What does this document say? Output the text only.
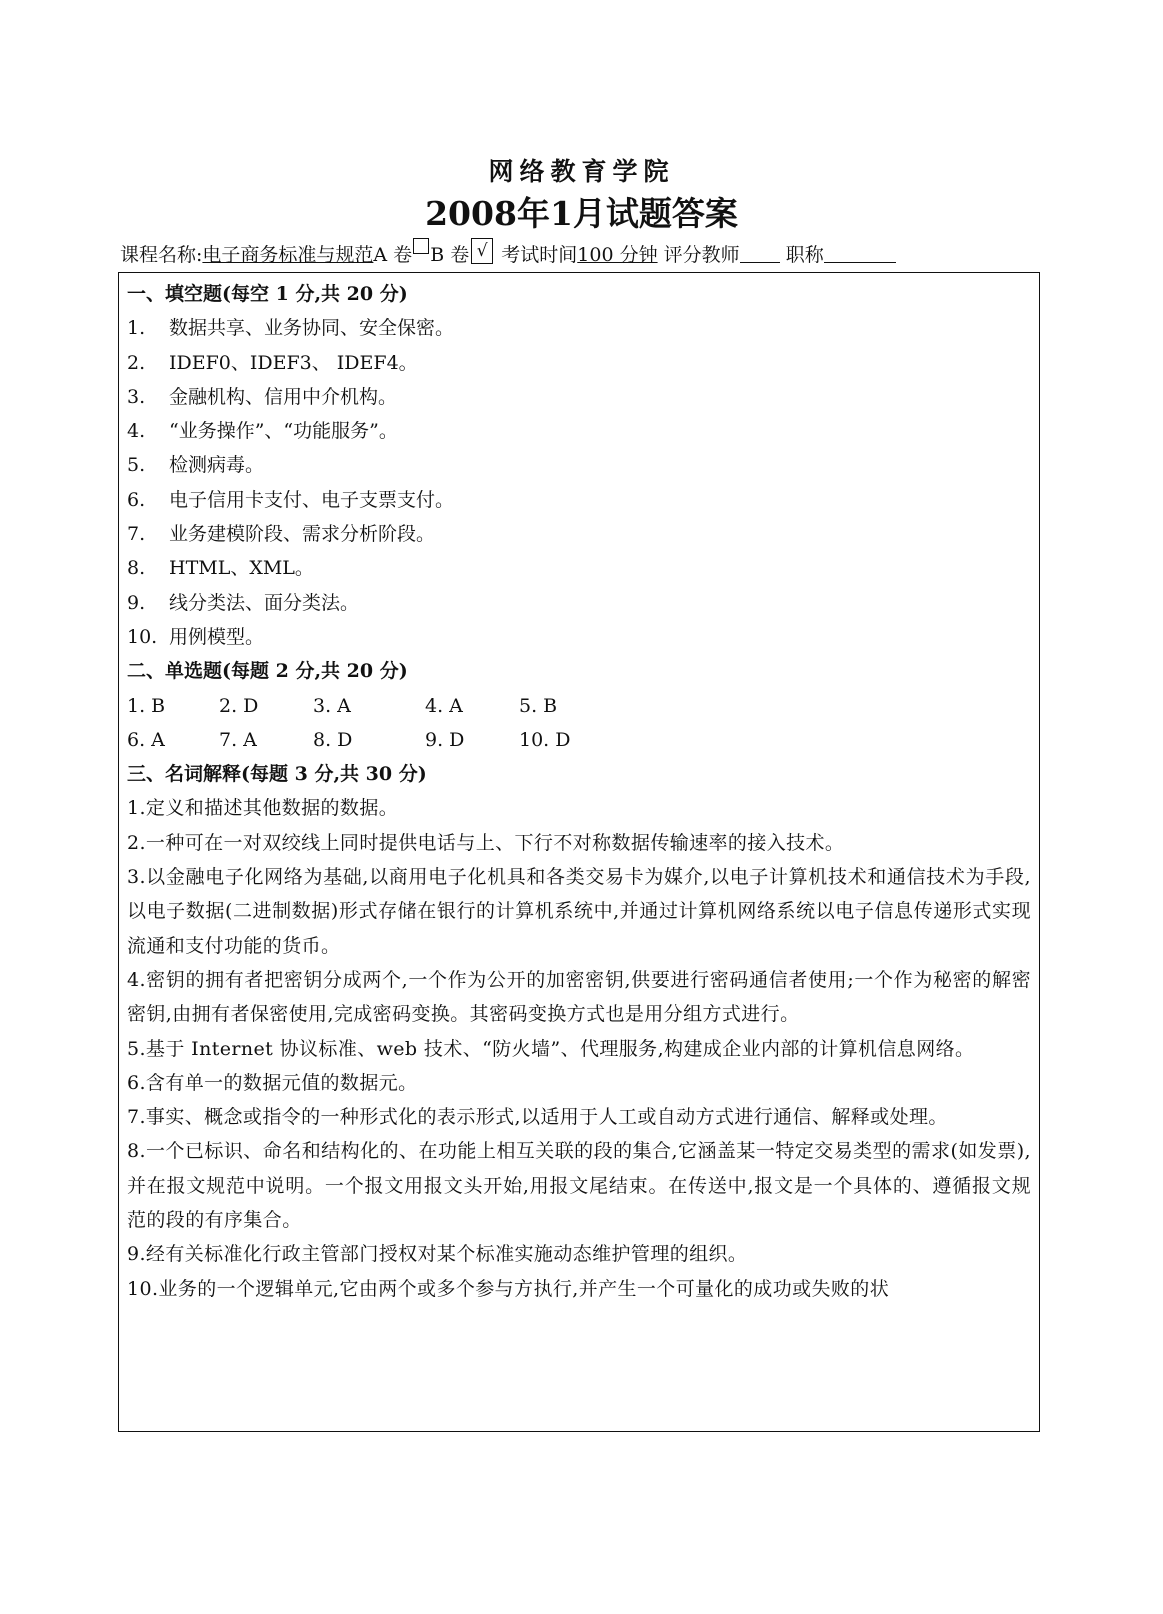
网络教育学院
2008年1月试题答案
课程名称:电子商务标准与规范A 卷 B 卷 √ 考试时间100 分钟 评分教师 职称
一、填空题(每空 1 分,共 20 分)
1. 数据共享、业务协同、安全保密。
2. IDEF0、IDEF3、 IDEF4。
3. 金融机构、信用中介机构。
4. “业务操作”、“功能服务”。
5. 检测病毒。
6. 电子信用卡支付、电子支票支付。
7. 业务建模阶段、需求分析阶段。
8. HTML、XML。
9. 线分类法、面分类法。
10. 用例模型。
二、单选题(每题 2 分,共 20 分)
1. B	2. D	3. A	4. A	5. B
6. A	7. A	8. D	9. D	10. D
三、名词解释(每题 3 分,共 30 分)
1.定义和描述其他数据的数据。
2.一种可在一对双绞线上同时提供电话与上、下行不对称数据传输速率的接入技术。
3.以金融电子化网络为基础,以商用电子化机具和各类交易卡为媒介,以电子计算机技术和通信技术为手段,以电子数据(二进制数据)形式存储在银行的计算机系统中,并通过计算机网络系统以电子信息传递形式实现流通和支付功能的货币。
4.密钥的拥有者把密钥分成两个,一个作为公开的加密密钥,供要进行密码通信者使用;一个作为秘密的解密密钥,由拥有者保密使用,完成密码变换。其密码变换方式也是用分组方式进行。
5.基于 Internet 协议标准、web 技术、“防火墙”、代理服务,构建成企业内部的计算机信息网络。
6.含有单一的数据元值的数据元。
7.事实、概念或指令的一种形式化的表示形式,以适用于人工或自动方式进行通信、解释或处理。
8.一个已标识、命名和结构化的、在功能上相互关联的段的集合,它涵盖某一特定交易类型的需求(如发票),并在报文规范中说明。一个报文用报文头开始,用报文尾结束。在传送中,报文是一个具体的、遵循报文规范的段的有序集合。
9.经有关标准化行政主管部门授权对某个标准实施动态维护管理的组织。
10.业务的一个逻辑单元,它由两个或多个参与方执行,并产生一个可量化的成功或失败的状
